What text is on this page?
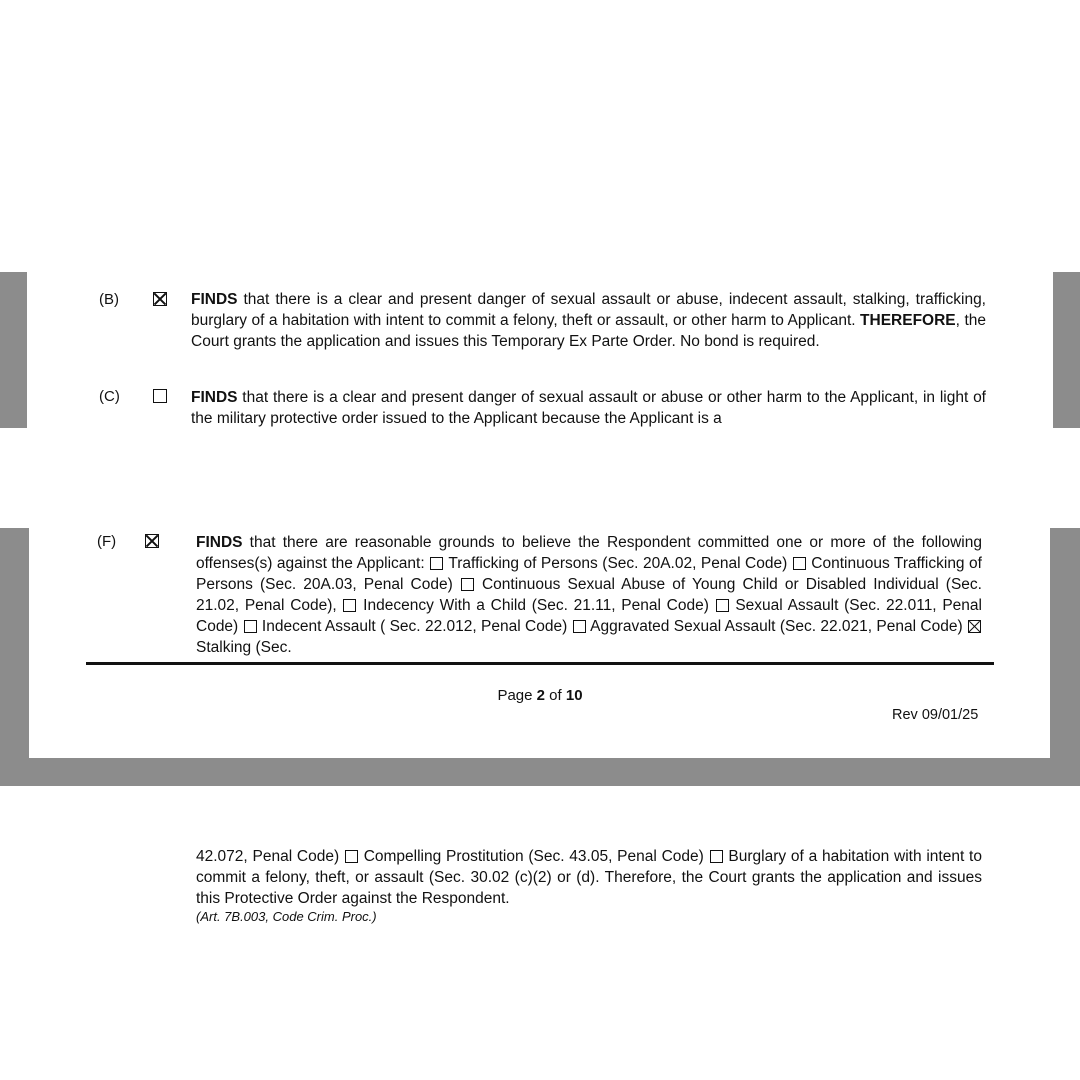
(B)	FINDS that there is a clear and present danger of sexual assault or abuse, indecent assault, stalking, trafficking, burglary of a habitation with intent to commit a felony, theft or assault, or other harm to Applicant. THEREFORE, the Court grants the application and issues this Temporary Ex Parte Order. No bond is required.

(C)	FINDS that there is a clear and present danger of sexual assault or abuse or other harm to the Applicant, in light of the military protective order issued to the Applicant because the Applicant is a

(F)	FINDS that there are reasonable grounds to believe the Respondent committed one or more of the following offenses(s) against the Applicant:  Trafficking of Persons (Sec. 20A.02, Penal Code)  Continuous Trafficking of Persons (Sec. 20A.03, Penal Code)  Continuous Sexual Abuse of Young Child or Disabled Individual (Sec. 21.02, Penal Code),  Indecency With a Child (Sec. 21.11, Penal Code)  Sexual Assault (Sec. 22.011, Penal Code)  Indecent Assault ( Sec. 22.012, Penal Code)  Aggravated Sexual Assault (Sec. 22.021, Penal Code)  Stalking (Sec.

Page 2 of 10
Rev 09/01/25

42.072, Penal Code)  Compelling Prostitution (Sec. 43.05, Penal Code)  Burglary of a habitation with intent to commit a felony, theft, or assault (Sec. 30.02 (c)(2) or (d). Therefore, the Court grants the application and issues this Protective Order against the Respondent.

(Art. 7B.003, Code Crim. Proc.)
